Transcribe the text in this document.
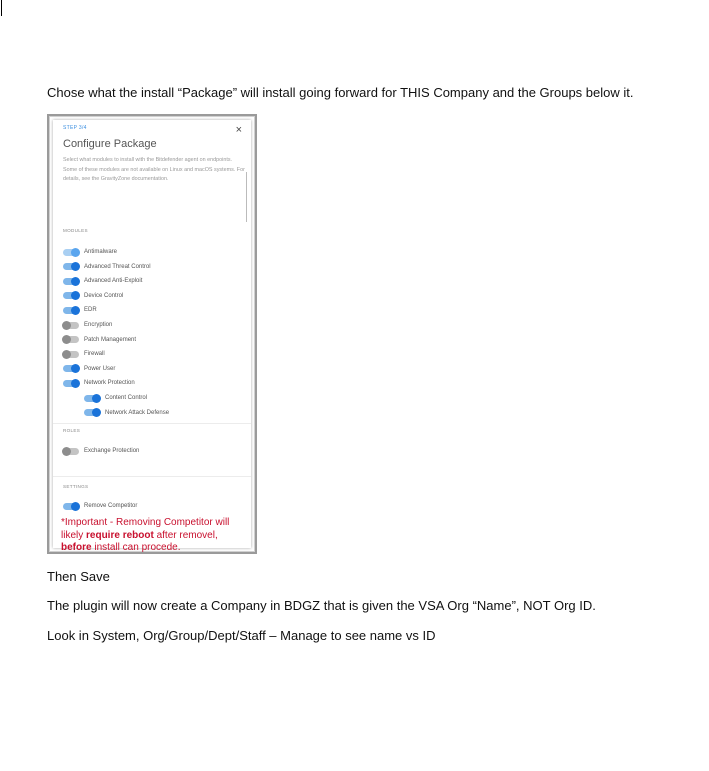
Chose what the install “Package” will install going forward for THIS Company and the Groups below it.
STEP 3/4	×
Configure Package
Select what modules to install with the Bitdefender agent on endpoints. Some of these modules are not available on Linux and macOS systems. For details, see the GravityZone documentation.
MODULES
ROLES
SETTINGS
*Important - Removing Competitor will
likely require reboot after removel,
before install can procede.
Antimalware
Advanced Threat Control
Advanced Anti-Exploit
Device Control
EDR
Encryption
Patch Management
Firewall
Power User
Network Protection
Content Control
Network Attack Defense
Exchange Protection
Remove Competitor
Then Save
The plugin will now create a Company in BDGZ that is given the VSA Org “Name”, NOT Org ID.
Look in System, Org/Group/Dept/Staff – Manage to see name vs ID
